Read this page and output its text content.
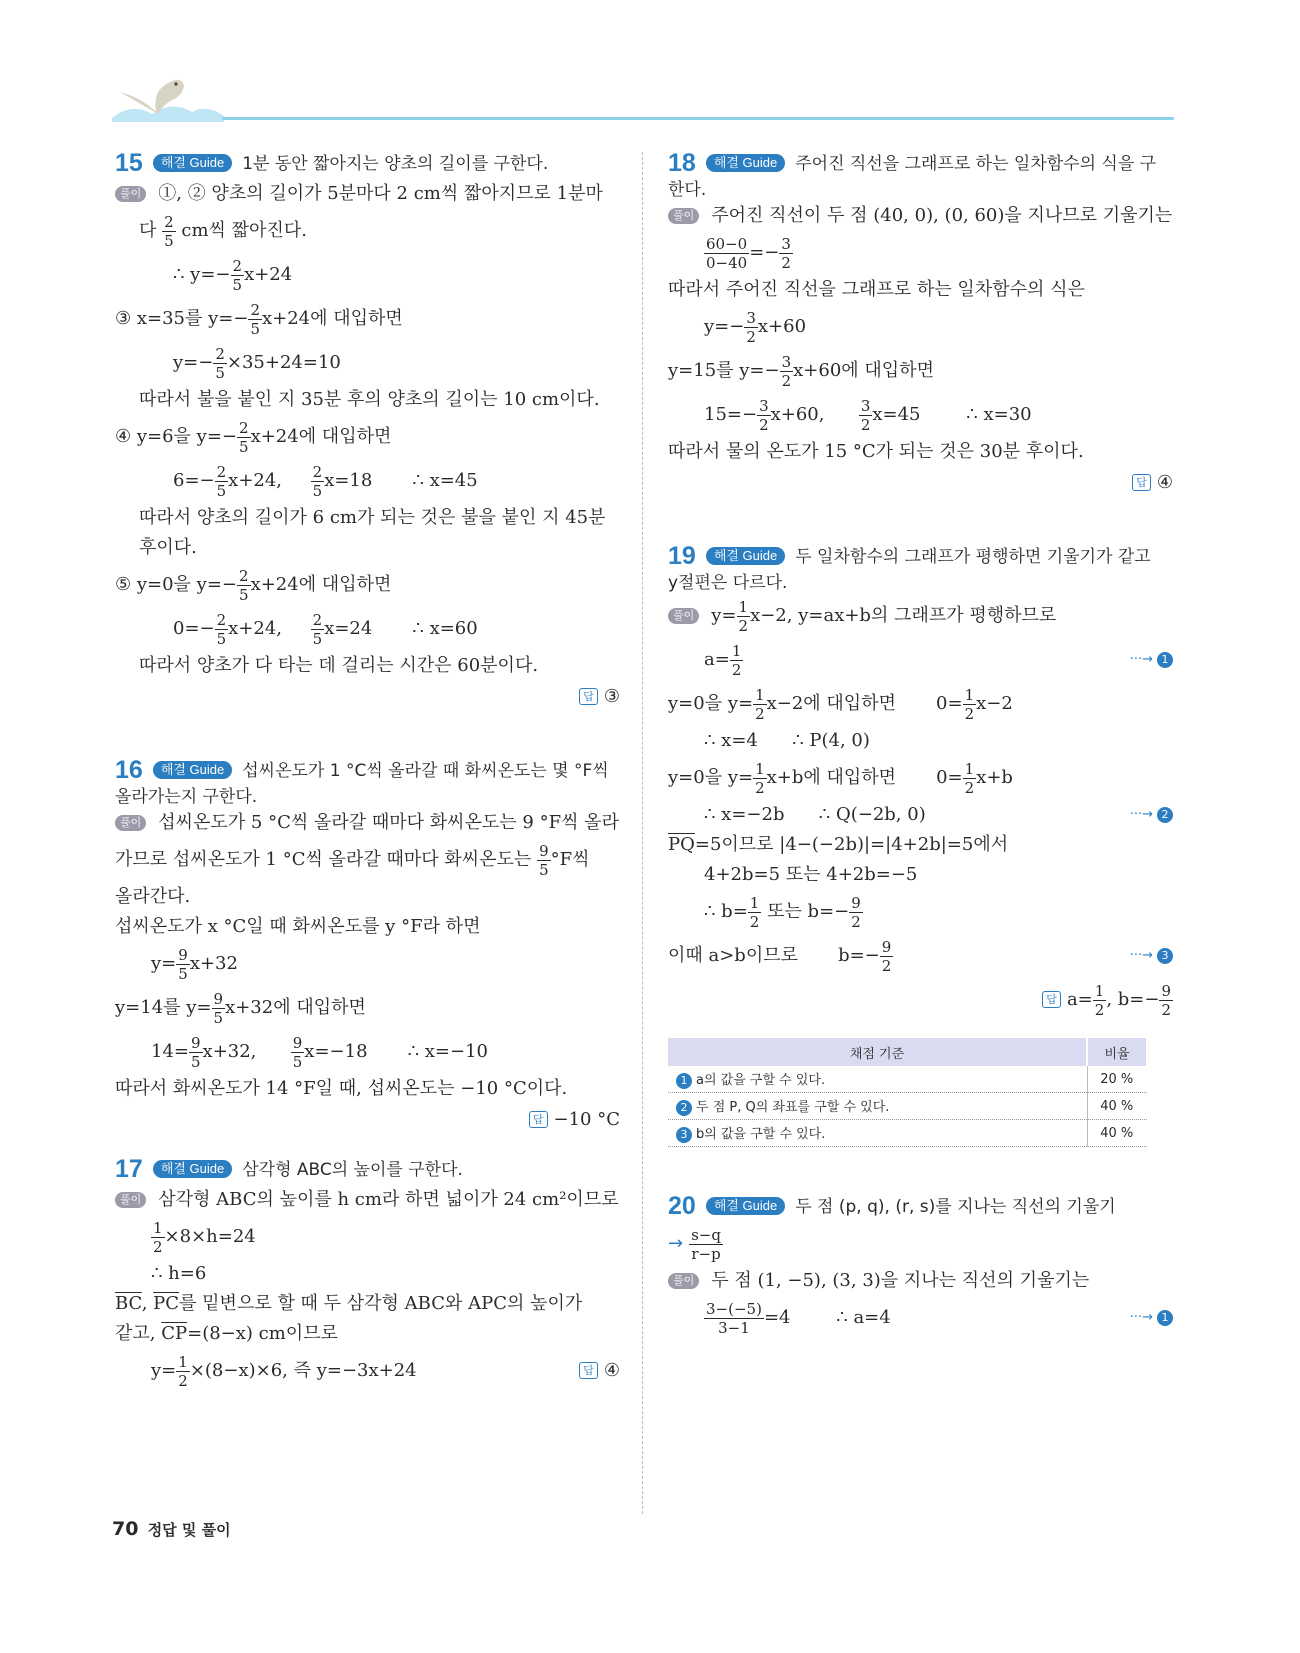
15 해결 Guide 1분 동안 짧아지는 양초의 길이를 구한다.
풀이 ①, ② 양초의 길이가 5분마다 2 cm씩 짧아지므로 1분마
다 $\frac{2}{5}$ cm씩 짧아진다.
∴ $y=- \frac{2}{5} x+24$
③ x=35를 $y=- \frac{2}{5} x+24$에 대입하면
$y=- \frac{2}{5} \times 35+24=10$
따라서 불을 붙인 지 35분 후의 양초의 길이는 10 cm이다.
④ y=6을 $y=- \frac{2}{5} x+24$에 대입하면
$6=- \frac{2}{5} x+24$, $\frac{2}{5} x=18$ ∴ x=45
따라서 양초의 길이가 6 cm가 되는 것은 불을 붙인 지 45분
후이다.
⑤ y=0을 $y=- \frac{2}{5} x+24$에 대입하면
$0=- \frac{2}{5} x+24$, $\frac{2}{5} x=24$ ∴ x=60
따라서 양초가 다 타는 데 걸리는 시간은 60분이다.
답 ③
16 해결 Guide 섭씨온도가 1 °C씩 올라갈 때 화씨온도는 몇 °F씩
올라가는지 구한다.
풀이 섭씨온도가 5 °C씩 올라갈 때마다 화씨온도는 9 °F씩 올라
가므로 섭씨온도가 1 °C씩 올라갈 때마다 화씨온도는 $\frac{9}{5} ^\circ F$씩
올라간다.
섭씨온도가 x °C일 때 화씨온도를 y °F라 하면
$y= \frac{9}{5} x+32$
y=14를 $y= \frac{9}{5} x+32$에 대입하면
$14= \frac{9}{5} x+32$, $\frac{9}{5} x=-18$ ∴ x=−10
따라서 화씨온도가 14 °F일 때, 섭씨온도는 −10 °C이다.
답 −10 °C
17 해결 Guide 삼각형 ABC의 높이를 구한다.
풀이 삼각형 ABC의 높이를 h cm라 하면 넓이가 24 cm²이므로
$\frac{1}{2} \times 8\times h=24$
∴ h=6
$\overline{BC}$, $\overline{PC}$를 밑변으로 할 때 두 삼각형 ABC와 APC의 높이가
같고, $\overline{CP}=(8-x)$ cm이므로
$y= \frac{1}{2} \times(8-x)\times 6$, 즉 y=−3x+24	답 ④
18 해결 Guide 주어진 직선을 그래프로 하는 일차함수의 식을 구
한다.
풀이 주어진 직선이 두 점 (40, 0), (0, 60)을 지나므로 기울기는
$\frac{60-0}{0-40} =- \frac{3}{2}$
따라서 주어진 직선을 그래프로 하는 일차함수의 식은
$y=- \frac{3}{2} x+60$
y=15를 $y=- \frac{3}{2} x+60$에 대입하면
$15=- \frac{3}{2} x+60$, $\frac{3}{2} x=45$	∴ x=30
따라서 물의 온도가 15 °C가 되는 것은 30분 후이다.
답 ④
19 해결 Guide 두 일차함수의 그래프가 평행하면 기울기가 같고
y절편은 다르다.
풀이 $y= \frac{1}{2} x-2$, y=ax+b의 그래프가 평행하므로
$a= \frac{1}{2}$	···→ 1
y=0을 $y= \frac{1}{2} x-2$에 대입하면 $0= \frac{1}{2} x-2$
∴ x=4      ∴ P(4, 0)
y=0을 $y= \frac{1}{2} x+b$에 대입하면 $0= \frac{1}{2} x+b$
∴ x=−2b      ∴ Q(−2b, 0)	···→ 2
$\overline{PQ}=5$이므로 |4−(−2b)|=|4+2b|=5에서
4+2b=5 또는 4+2b=−5
∴ $b= \frac{1}{2}$ 또는 $b=- \frac{9}{2}$
이때 a>b이므로 $b=- \frac{9}{2}$	···→ 3
답 $a= \frac{1}{2}$ , $b=- \frac{9}{2}$
채점 기준	비율
1 a의 값을 구할 수 있다.	20 %
2 두 점 P, Q의 좌표를 구할 수 있다.	40 %
3 b의 값을 구할 수 있다.	40 %
20 해결 Guide 두 점 (p, q), (r, s)를 지나는 직선의 기울기
→ $\frac{s-q}{r-p}$
풀이 두 점 (1, −5), (3, 3)을 지나는 직선의 기울기는
$\frac{3-(-5)}{3-1} =4$	∴ a=4	···→ 1
70 정답 및 풀이
